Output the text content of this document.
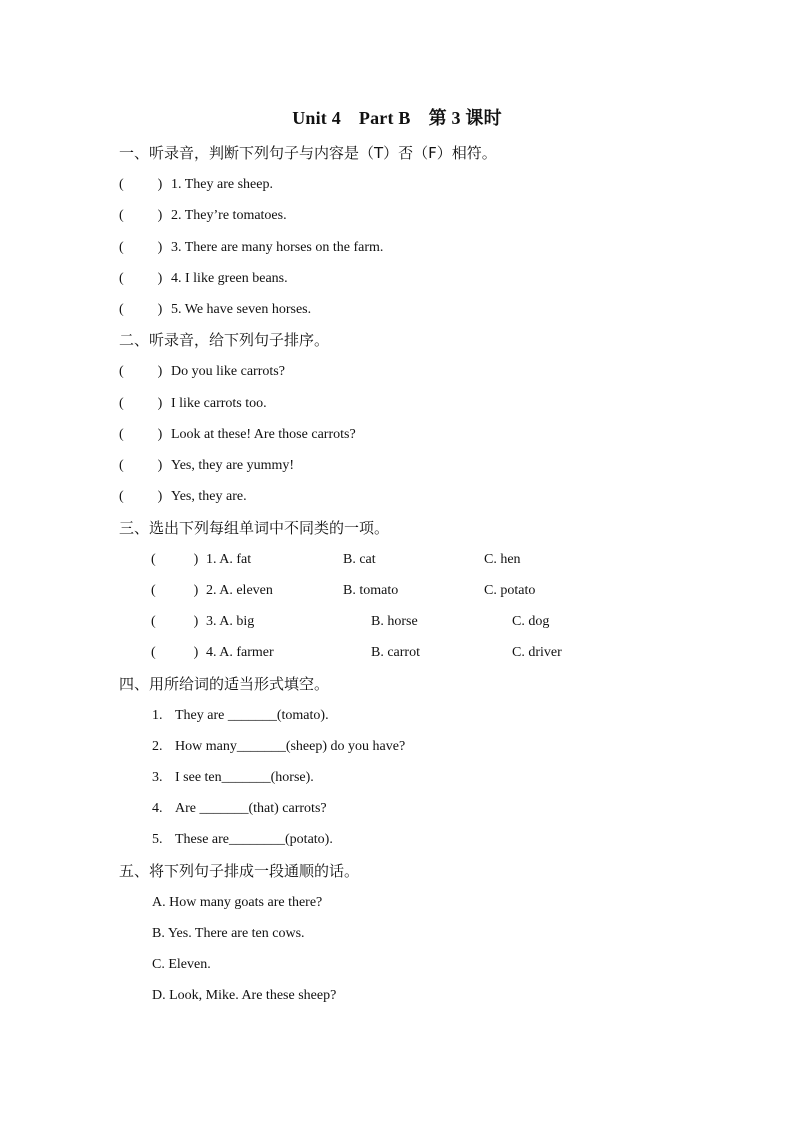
Unit 4 Part B 第 3 课时
一、听录音，判断下列句子与内容是（T）否（F）相符。
( ) 1. They are sheep.
( ) 2. They’re tomatoes.
( ) 3. There are many horses on the farm.
( ) 4. I like green beans.
( ) 5. We have seven horses.
二、听录音，给下列句子排序。
( ) Do you like carrots?
( ) I like carrots too.
( ) Look at these! Are those carrots?
( ) Yes, they are yummy!
( ) Yes, they are.
三、选出下列每组单词中不同类的一项。
(	) 1. A. fat	B. cat	C. hen
(	) 2. A. eleven	B. tomato	C. potato
(	) 3. A. big	B. horse	C. dog
(	) 4. A. farmer	B. carrot	C. driver
四、用所给词的适当形式填空。
1. They are _______(tomato).
2. How many_______(sheep) do you have?
3. I see ten_______(horse).
4. Are _______(that) carrots?
5. These are________(potato).
五、将下列句子排成一段通顺的话。
A. How many goats are there?
B. Yes. There are ten cows.
C. Eleven.
D. Look, Mike. Are these sheep?
